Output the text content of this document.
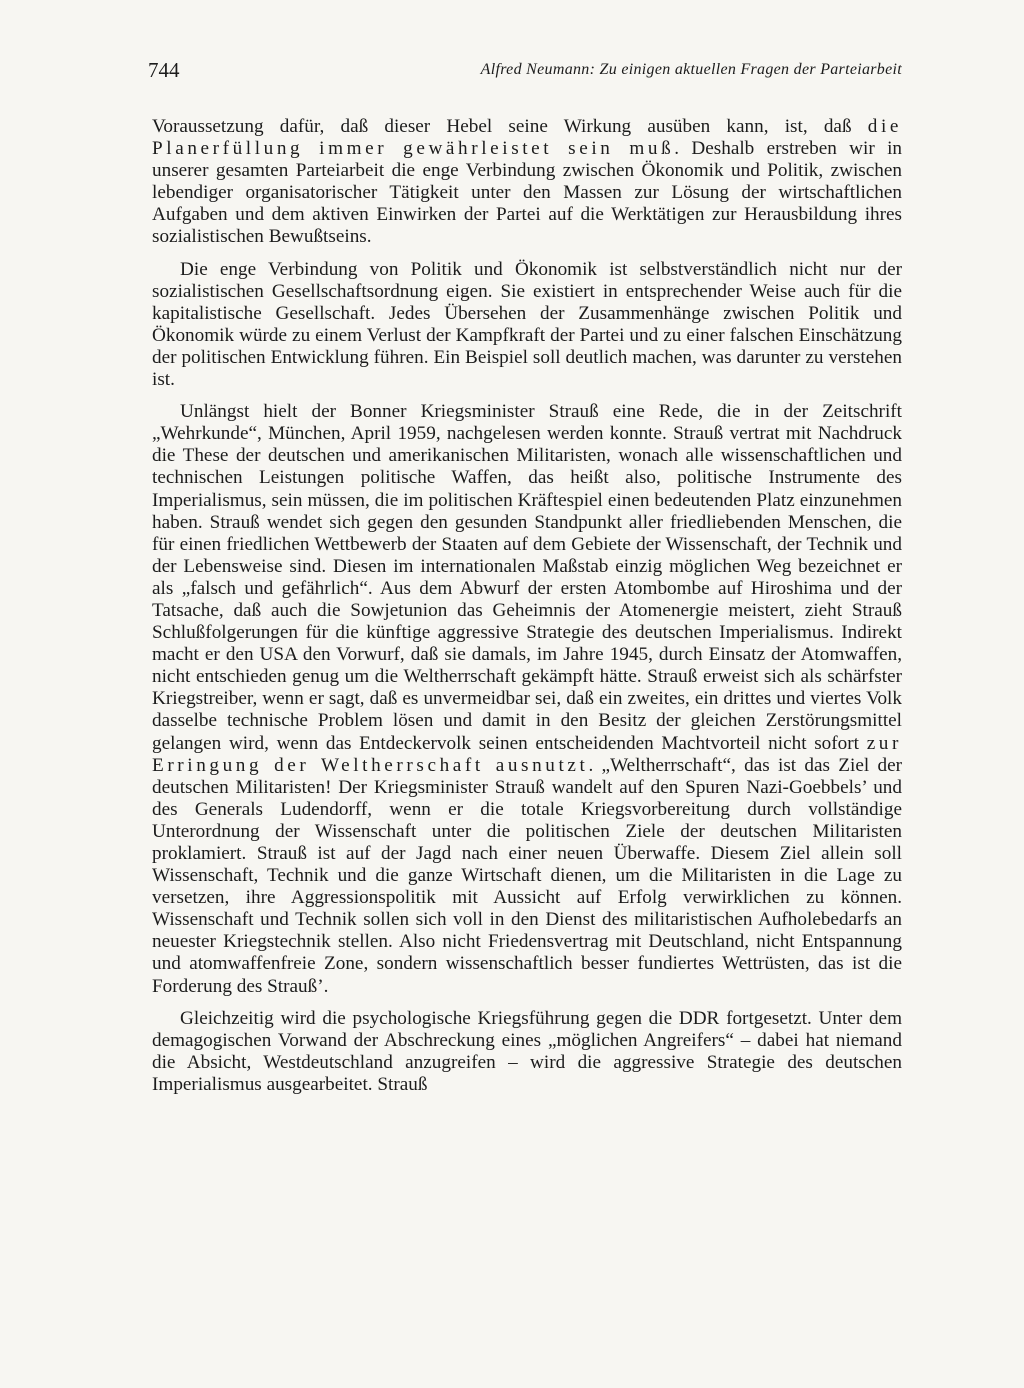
744	Alfred Neumann: Zu einigen aktuellen Fragen der Parteiarbeit

Voraussetzung dafür, daß dieser Hebel seine Wirkung ausüben kann, ist, daß die Planerfüllung immer gewährleistet sein muß. Deshalb erstreben wir in unserer gesamten Parteiarbeit die enge Verbindung zwischen Ökonomik und Politik, zwischen lebendiger organisatorischer Tätigkeit unter den Massen zur Lösung der wirtschaftlichen Aufgaben und dem aktiven Einwirken der Partei auf die Werktätigen zur Herausbildung ihres sozialistischen Bewußtseins.

Die enge Verbindung von Politik und Ökonomik ist selbstverständlich nicht nur der sozialistischen Gesellschaftsordnung eigen. Sie existiert in entsprechender Weise auch für die kapitalistische Gesellschaft. Jedes Übersehen der Zusammenhänge zwischen Politik und Ökonomik würde zu einem Verlust der Kampfkraft der Partei und zu einer falschen Einschätzung der politischen Entwicklung führen. Ein Beispiel soll deutlich machen, was darunter zu verstehen ist.

Unlängst hielt der Bonner Kriegsminister Strauß eine Rede, die in der Zeitschrift „Wehrkunde“, München, April 1959, nachgelesen werden konnte. Strauß vertrat mit Nachdruck die These der deutschen und amerikanischen Militaristen, wonach alle wissenschaftlichen und technischen Leistungen politische Waffen, das heißt also, politische Instrumente des Imperialismus, sein müssen, die im politischen Kräftespiel einen bedeutenden Platz einzunehmen haben. Strauß wendet sich gegen den gesunden Standpunkt aller friedliebenden Menschen, die für einen friedlichen Wettbewerb der Staaten auf dem Gebiete der Wissenschaft, der Technik und der Lebensweise sind. Diesen im internationalen Maßstab einzig möglichen Weg bezeichnet er als „falsch und gefährlich“. Aus dem Abwurf der ersten Atombombe auf Hiroshima und der Tatsache, daß auch die Sowjetunion das Geheimnis der Atomenergie meistert, zieht Strauß Schlußfolgerungen für die künftige aggressive Strategie des deutschen Imperialismus. Indirekt macht er den USA den Vorwurf, daß sie damals, im Jahre 1945, durch Einsatz der Atomwaffen, nicht entschieden genug um die Weltherrschaft gekämpft hätte. Strauß erweist sich als schärfster Kriegstreiber, wenn er sagt, daß es unvermeidbar sei, daß ein zweites, ein drittes und viertes Volk dasselbe technische Problem lösen und damit in den Besitz der gleichen Zerstörungsmittel gelangen wird, wenn das Entdeckervolk seinen entscheidenden Machtvorteil nicht sofort zur Erringung der Weltherrschaft ausnutzt. „Weltherrschaft“, das ist das Ziel der deutschen Militaristen! Der Kriegsminister Strauß wandelt auf den Spuren Nazi-Goebbels’ und des Generals Ludendorff, wenn er die totale Kriegsvorbereitung durch vollständige Unterordnung der Wissenschaft unter die politischen Ziele der deutschen Militaristen proklamiert. Strauß ist auf der Jagd nach einer neuen Überwaffe. Diesem Ziel allein soll Wissenschaft, Technik und die ganze Wirtschaft dienen, um die Militaristen in die Lage zu versetzen, ihre Aggressionspolitik mit Aussicht auf Erfolg verwirklichen zu können. Wissenschaft und Technik sollen sich voll in den Dienst des militaristischen Aufholebedarfs an neuester Kriegstechnik stellen. Also nicht Friedensvertrag mit Deutschland, nicht Entspannung und atomwaffenfreie Zone, sondern wissenschaftlich besser fundiertes Wettrüsten, das ist die Forderung des Strauß’.

Gleichzeitig wird die psychologische Kriegsführung gegen die DDR fortgesetzt. Unter dem demagogischen Vorwand der Abschreckung eines „möglichen Angreifers“ – dabei hat niemand die Absicht, Westdeutschland anzugreifen – wird die aggressive Strategie des deutschen Imperialismus ausgearbeitet. Strauß
